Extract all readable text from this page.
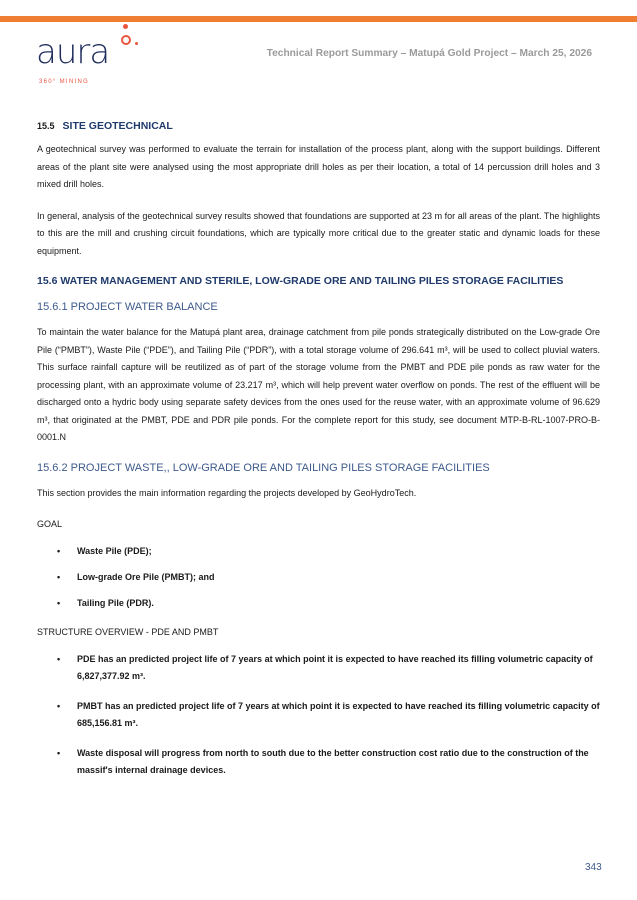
aura
360° MINING
Technical Report Summary – Matupá Gold Project – March 25, 2026
15.5 SITE GEOTECHNICAL
A geotechnical survey was performed to evaluate the terrain for installation of the process plant, along with the support buildings. Different areas of the plant site were analysed using the most appropriate drill holes as per their location, a total of 14 percussion drill holes and 3 mixed drill holes.
In general, analysis of the geotechnical survey results showed that foundations are supported at 23 m for all areas of the plant. The highlights to this are the mill and crushing circuit foundations, which are typically more critical due to the greater static and dynamic loads for these equipment.
15.6 WATER MANAGEMENT AND STERILE, LOW-GRADE ORE AND TAILING PILES STORAGE FACILITIES
15.6.1 PROJECT WATER BALANCE
To maintain the water balance for the Matupá plant area, drainage catchment from pile ponds strategically distributed on the Low-grade Ore Pile (“PMBT”), Waste Pile (“PDE”), and Tailing Pile (“PDR”), with a total storage volume of 296.641 m³, will be used to collect pluvial waters. This surface rainfall capture will be reutilized as of part of the storage volume from the PMBT and PDE pile ponds as raw water for the processing plant, with an approximate volume of 23.217 m³, which will help prevent water overflow on ponds. The rest of the effluent will be discharged onto a hydric body using separate safety devices from the ones used for the reuse water, with an approximate volume of 96.629 m³, that originated at the PMBT, PDE and PDR pile ponds. For the complete report for this study, see document MTP-B-RL-1007-PRO-B-0001.N
15.6.2 PROJECT WASTE,, LOW-GRADE ORE AND TAILING PILES STORAGE FACILITIES
This section provides the main information regarding the projects developed by GeoHydroTech.
GOAL
• Waste Pile (PDE);
• Low-grade Ore Pile (PMBT); and
• Tailing Pile (PDR).
STRUCTURE OVERVIEW - PDE AND PMBT
• PDE has an predicted project life of 7 years at which point it is expected to have reached its filling volumetric capacity of 6,827,377.92 m³.
• PMBT has an predicted project life of 7 years at which point it is expected to have reached its filling volumetric capacity of 685,156.81 m³.
• Waste disposal will progress from north to south due to the better construction cost ratio due to the construction of the massif's internal drainage devices.
343
